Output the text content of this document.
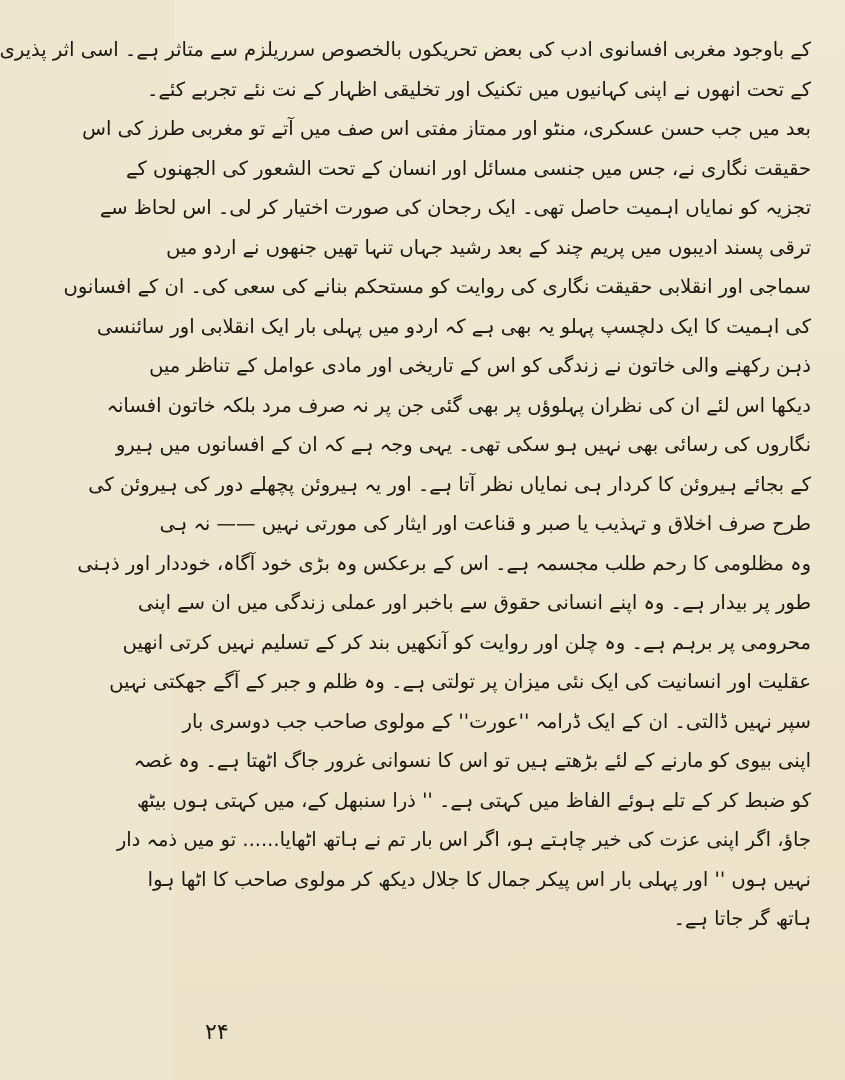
کے باوجود مغربی افسانوی ادب کی بعض تحریکوں بالخصوص سرریلزم سے متاثر ہے۔ اسی اثر پذیری
کے تحت انھوں نے اپنی کہانیوں میں تکنیک اور تخلیقی اظہار کے نت نئے تجربے کئے۔
بعد میں جب حسن عسکری، منٹو اور ممتاز مفتی اس صف میں آتے تو مغربی طرز کی اس
حقیقت نگاری نے، جس میں جنسی مسائل اور انسان کے تحت الشعور کی الجھنوں کے
تجزیہ کو نمایاں اہمیت حاصل تھی۔ ایک رجحان کی صورت اختیار کر لی۔ اس لحاظ سے
ترقی پسند ادیبوں میں پریم چند کے بعد رشید جہاں تنہا تھیں جنھوں نے اردو میں
سماجی اور انقلابی حقیقت نگاری کی روایت کو مستحکم بنانے کی سعی کی۔ ان کے افسانوں
کی اہمیت کا ایک دلچسپ پہلو یہ بھی ہے کہ اردو میں پہلی بار ایک انقلابی اور سائنسی
ذہن رکھنے والی خاتون نے زندگی کو اس کے تاریخی اور مادی عوامل کے تناظر میں
دیکھا اس لئے ان کی نظران پہلوؤں پر بھی گئی جن پر نہ صرف مرد بلکہ خاتون افسانہ
نگاروں کی رسائی بھی نہیں ہو سکی تھی۔ یہی وجہ ہے کہ ان کے افسانوں میں ہیرو
کے بجائے ہیروئن کا کردار ہی نمایاں نظر آتا ہے۔ اور یہ ہیروئن پچھلے دور کی ہیروئن کی
طرح صرف اخلاق و تہذیب یا صبر و قناعت اور ایثار کی مورتی نہیں —— نہ ہی
وہ مظلومی کا رحم طلب مجسمہ ہے۔ اس کے برعکس وہ بڑی خود آگاہ، خوددار اور ذہنی
طور پر بیدار ہے۔ وہ اپنے انسانی حقوق سے باخبر اور عملی زندگی میں ان سے اپنی
محرومی پر برہم ہے۔ وہ چلن اور روایت کو آنکھیں بند کر کے تسلیم نہیں کرتی انھیں
عقلیت اور انسانیت کی ایک نئی میزان پر تولتی ہے۔ وہ ظلم و جبر کے آگے جھکتی نہیں
سپر نہیں ڈالتی۔ ان کے ایک ڈرامہ ''عورت'' کے مولوی صاحب جب دوسری بار
اپنی بیوی کو مارنے کے لئے بڑھتے ہیں تو اس کا نسوانی غرور جاگ اٹھتا ہے۔ وہ غصہ
کو ضبط کر کے تلے ہوئے الفاظ میں کہتی ہے۔ '' ذرا سنبھل کے، میں کہتی ہوں بیٹھ
جاؤ، اگر اپنی عزت کی خیر چاہتے ہو، اگر اس بار تم نے ہاتھ اٹھایا...... تو میں ذمہ دار
نہیں ہوں '' اور پہلی بار اس پیکر جمال کا جلال دیکھ کر مولوی صاحب کا اٹھا ہوا
ہاتھ گر جاتا ہے۔
۲۴
